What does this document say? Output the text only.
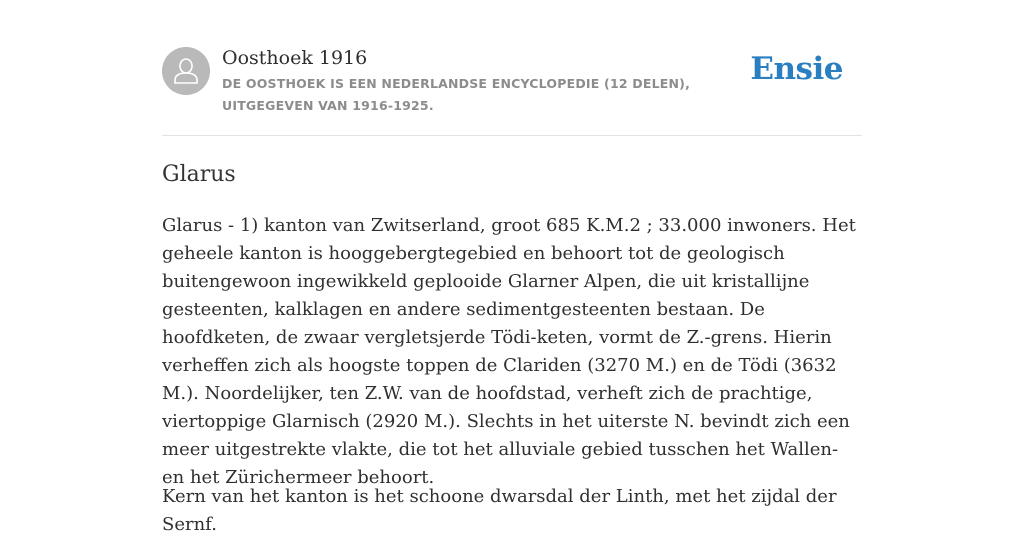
Oosthoek 1916
DE OOSTHOEK IS EEN NEDERLANDSE ENCYCLOPEDIE (12 DELEN), UITGEGEVEN VAN 1916-1925.
Ensie
Glarus

Glarus - 1) kanton van Zwitserland, groot 685 K.M.2 ; 33.000 inwoners. Het geheele kanton is hooggebergtegebied en behoort tot de geologisch buitengewoon ingewikkeld geplooide Glarner Alpen, die uit kristallijne gesteenten, kalklagen en andere sedimentgesteenten bestaan. De hoofdketen, de zwaar vergletsjerde Tödi-keten, vormt de Z.-grens. Hierin verheffen zich als hoogste toppen de Clariden (3270 M.) en de Tödi (3632 M.). Noordelijker, ten Z.W. van de hoofdstad, verheft zich de prachtige, viertoppige Glarnisch (2920 M.). Slechts in het uiterste N. bevindt zich een meer uitgestrekte vlakte, die tot het alluviale gebied tusschen het Wallen- en het Zürichermeer behoort.

Kern van het kanton is het schoone dwarsdal der Linth, met het zijdal der Sernf.
